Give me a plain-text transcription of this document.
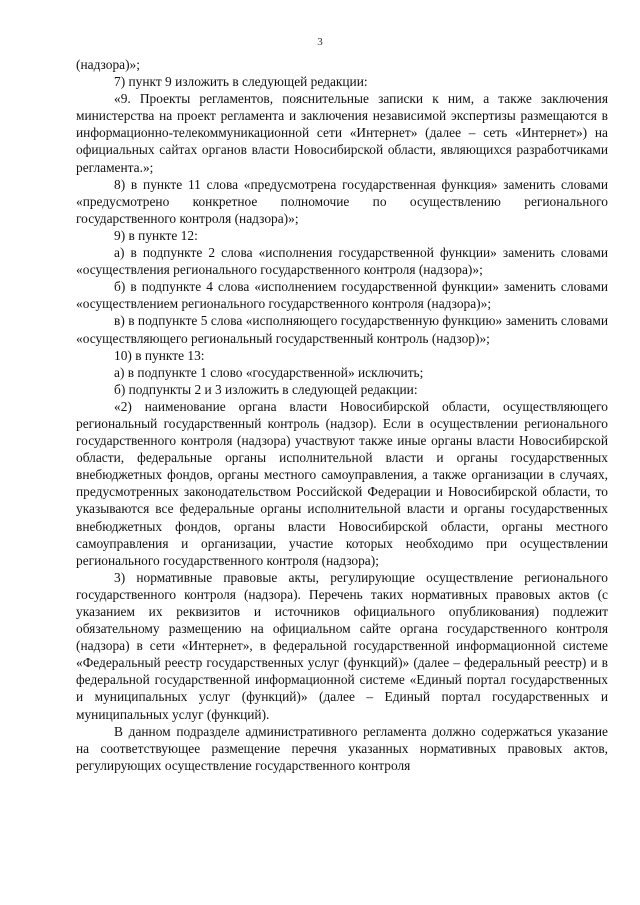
3

(надзора)»;

7) пункт 9 изложить в следующей редакции:

«9. Проекты регламентов, пояснительные записки к ним, а также заключения министерства на проект регламента и заключения независимой экспертизы размещаются в информационно-телекоммуникационной сети «Интернет» (далее – сеть «Интернет») на официальных сайтах органов власти Новосибирской области, являющихся разработчиками регламента.»;

8) в пункте 11 слова «предусмотрена государственная функция» заменить словами «предусмотрено конкретное полномочие по осуществлению регионального государственного контроля (надзора)»;

9) в пункте 12:

а) в подпункте 2 слова «исполнения государственной функции» заменить словами «осуществления регионального государственного контроля (надзора)»;

б) в подпункте 4 слова «исполнением государственной функции» заменить словами «осуществлением регионального государственного контроля (надзора)»;

в) в подпункте 5 слова «исполняющего государственную функцию» заменить словами «осуществляющего региональный государственный контроль (надзор)»;

10) в пункте 13:

а) в подпункте 1 слово «государственной» исключить;

б) подпункты 2 и 3 изложить в следующей редакции:

«2) наименование органа власти Новосибирской области, осуществляющего региональный государственный контроль (надзор). Если в осуществлении регионального государственного контроля (надзора) участвуют также иные органы власти Новосибирской области, федеральные органы исполнительной власти и органы государственных внебюджетных фондов, органы местного самоуправления, а также организации в случаях, предусмотренных законодательством Российской Федерации и Новосибирской области, то указываются все федеральные органы исполнительной власти и органы государственных внебюджетных фондов, органы власти Новосибирской области, органы местного самоуправления и организации, участие которых необходимо при осуществлении регионального государственного контроля (надзора);

3) нормативные правовые акты, регулирующие осуществление регионального государственного контроля (надзора). Перечень таких нормативных правовых актов (с указанием их реквизитов и источников официального опубликования) подлежит обязательному размещению на официальном сайте органа государственного контроля (надзора) в сети «Интернет», в федеральной государственной информационной системе «Федеральный реестр государственных услуг (функций)» (далее – федеральный реестр) и в федеральной государственной информационной системе «Единый портал государственных и муниципальных услуг (функций)» (далее – Единый портал государственных и муниципальных услуг (функций).

В данном подразделе административного регламента должно содержаться указание на соответствующее размещение перечня указанных нормативных правовых актов, регулирующих осуществление государственного контроля
